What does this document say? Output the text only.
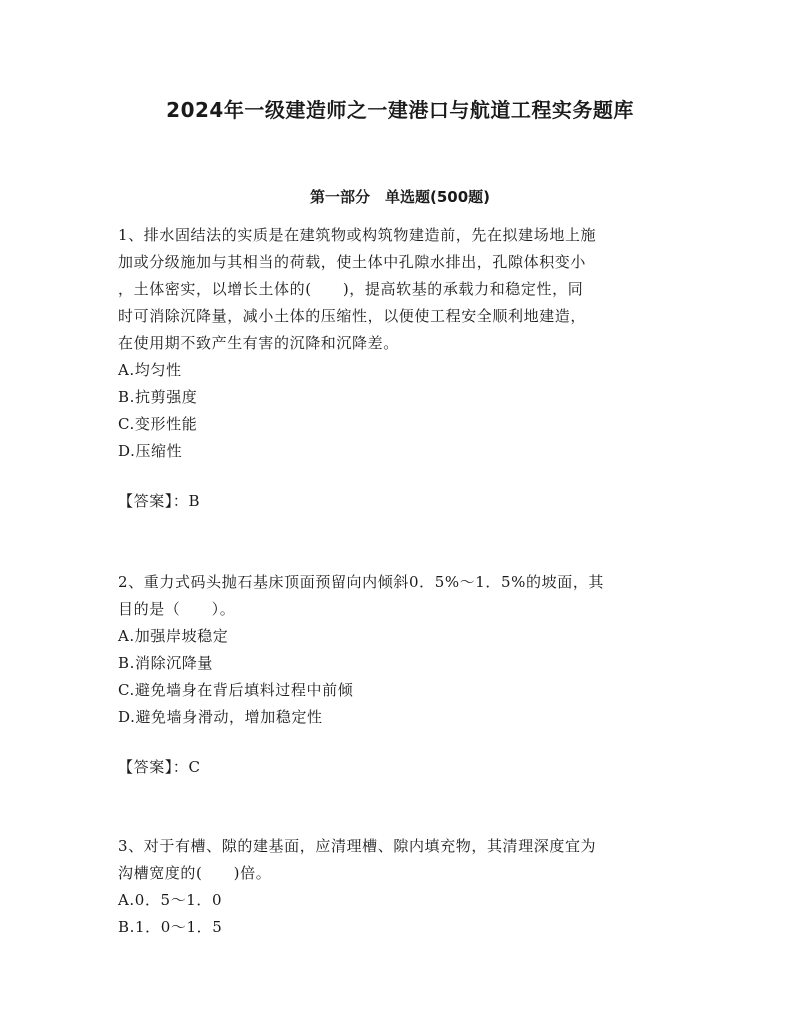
2024年一级建造师之一建港口与航道工程实务题库
第一部分　单选题(500题)

1、排水固结法的实质是在建筑物或构筑物建造前，先在拟建场地上施

加或分级施加与其相当的荷载，使土体中孔隙水排出，孔隙体积变小

，土体密实，以增长土体的(　　)，提高软基的承载力和稳定性，同

时可消除沉降量，减小土体的压缩性，以便使工程安全顺利地建造，

在使用期不致产生有害的沉降和沉降差。

A.均匀性

B.抗剪强度

C.变形性能

D.压缩性

【答案】：B

2、重力式码头抛石基床顶面预留向内倾斜0．5%～1．5%的坡面，其

目的是（　　）。

A.加强岸坡稳定

B.消除沉降量

C.避免墙身在背后填料过程中前倾

D.避免墙身滑动，增加稳定性

【答案】：C

3、对于有槽、隙的建基面，应清理槽、隙内填充物，其清理深度宜为

沟槽宽度的(　　)倍。

A.0．5～1．0

B.1．0～1．5
